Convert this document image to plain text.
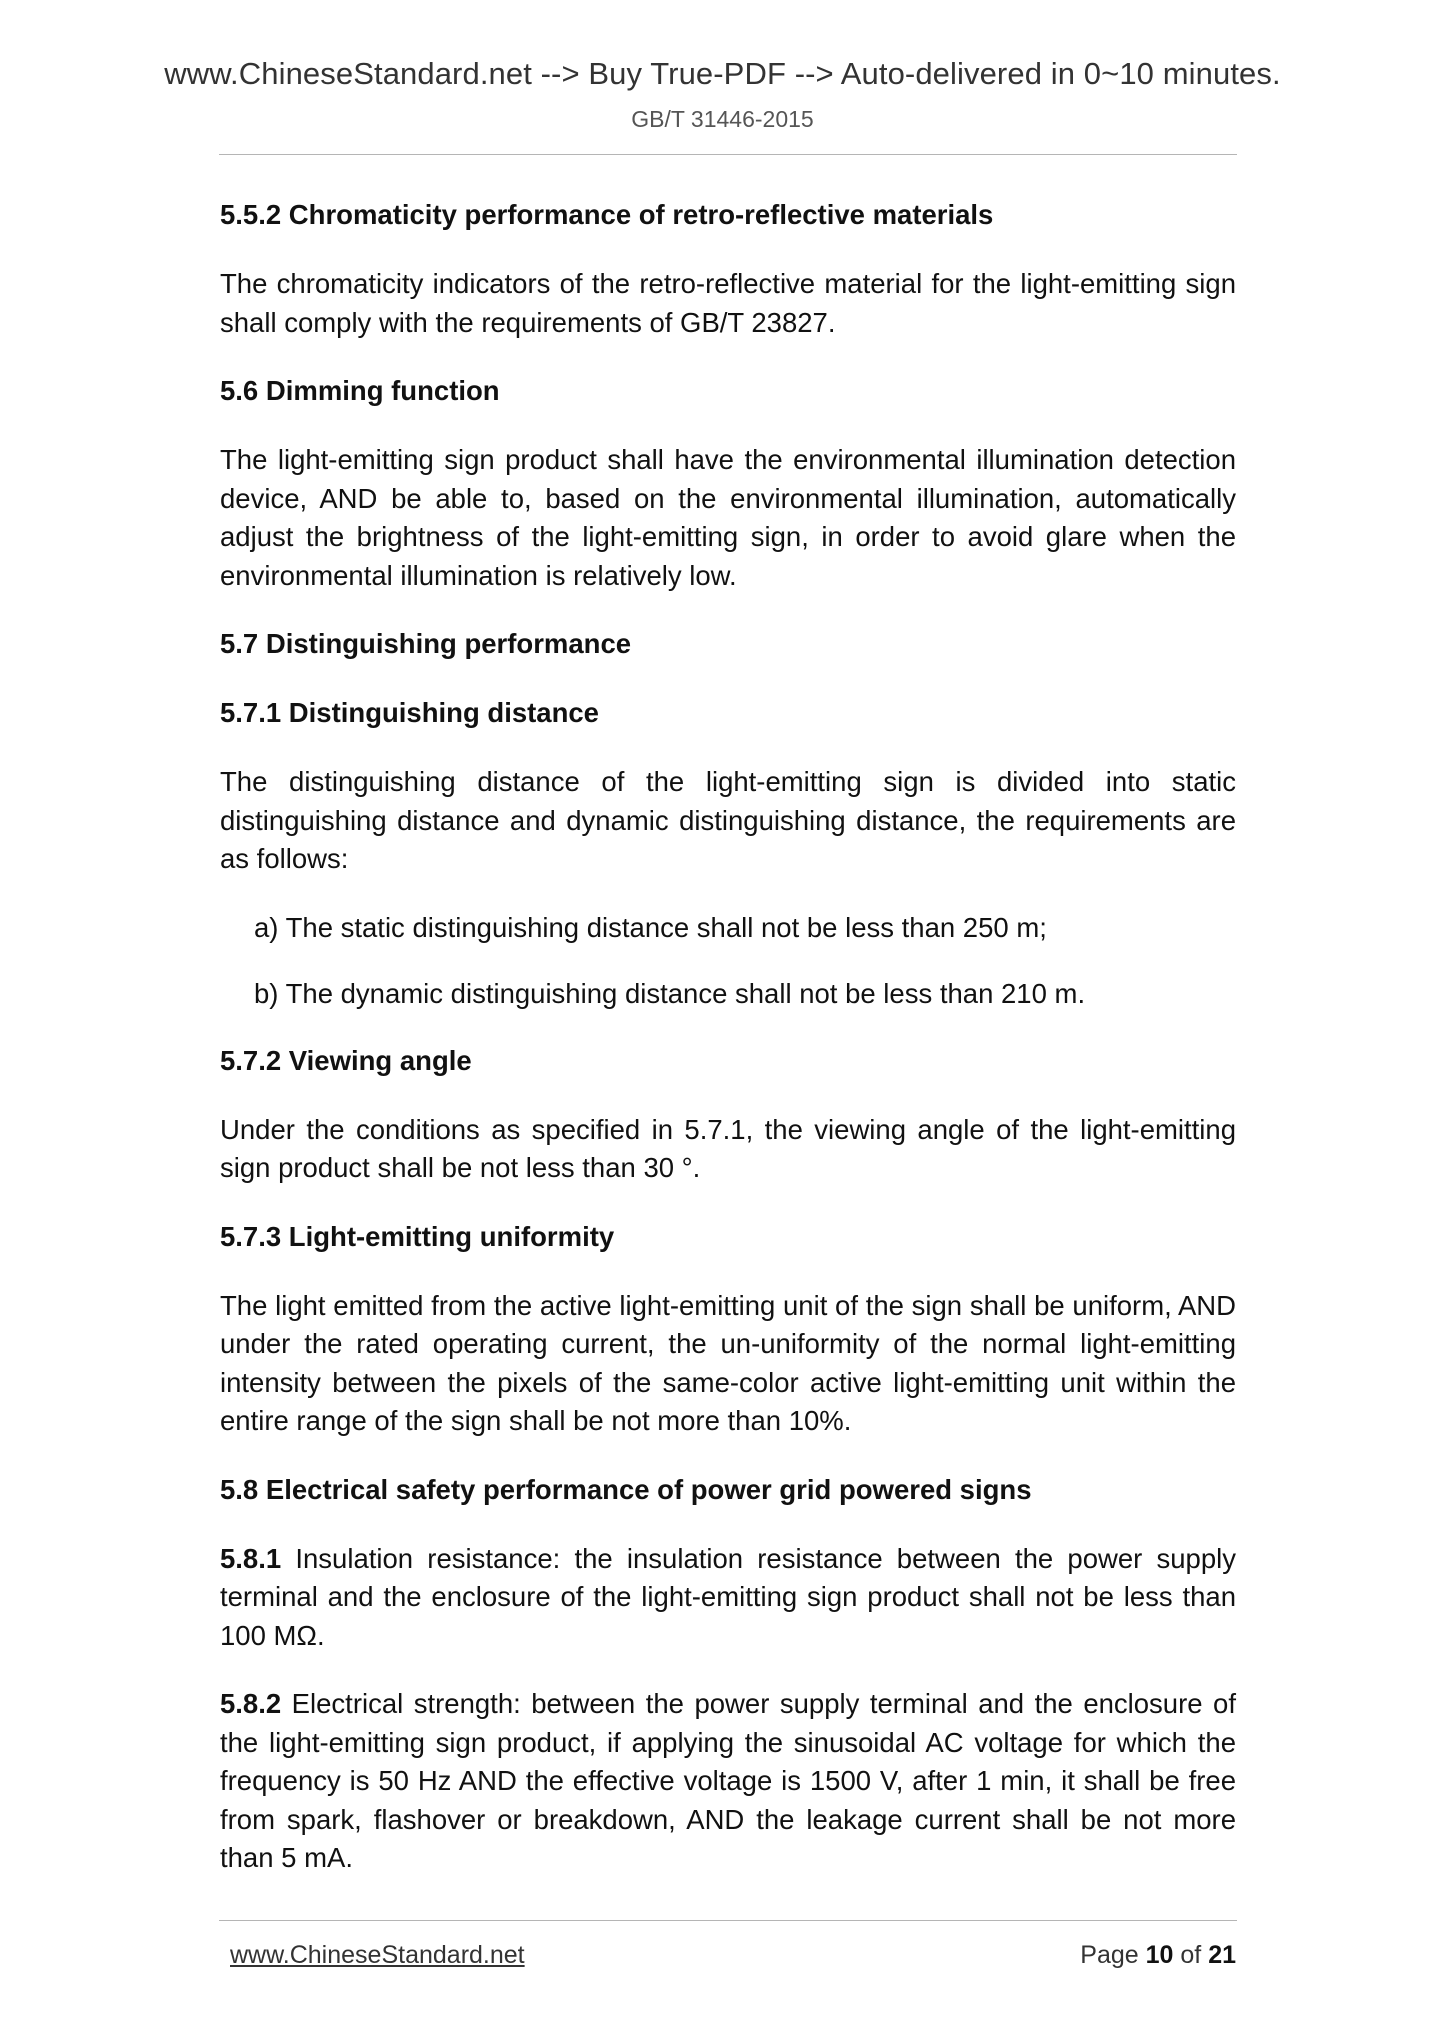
www.ChineseStandard.net --> Buy True-PDF --> Auto-delivered in 0~10 minutes.
GB/T 31446-2015
5.5.2 Chromaticity performance of retro-reflective materials
The chromaticity indicators of the retro-reflective material for the light-emitting sign shall comply with the requirements of GB/T 23827.
5.6 Dimming function
The light-emitting sign product shall have the environmental illumination detection device, AND be able to, based on the environmental illumination, automatically adjust the brightness of the light-emitting sign, in order to avoid glare when the environmental illumination is relatively low.
5.7 Distinguishing performance
5.7.1 Distinguishing distance
The distinguishing distance of the light-emitting sign is divided into static distinguishing distance and dynamic distinguishing distance, the requirements are as follows:
a) The static distinguishing distance shall not be less than 250 m;
b) The dynamic distinguishing distance shall not be less than 210 m.
5.7.2 Viewing angle
Under the conditions as specified in 5.7.1, the viewing angle of the light-emitting sign product shall be not less than 30 °.
5.7.3 Light-emitting uniformity
The light emitted from the active light-emitting unit of the sign shall be uniform, AND under the rated operating current, the un-uniformity of the normal light-emitting intensity between the pixels of the same-color active light-emitting unit within the entire range of the sign shall be not more than 10%.
5.8 Electrical safety performance of power grid powered signs
5.8.1 Insulation resistance: the insulation resistance between the power supply terminal and the enclosure of the light-emitting sign product shall not be less than 100 MΩ.
5.8.2 Electrical strength: between the power supply terminal and the enclosure of the light-emitting sign product, if applying the sinusoidal AC voltage for which the frequency is 50 Hz AND the effective voltage is 1500 V, after 1 min, it shall be free from spark, flashover or breakdown, AND the leakage current shall be not more than 5 mA.
www.ChineseStandard.net	Page 10 of 21
